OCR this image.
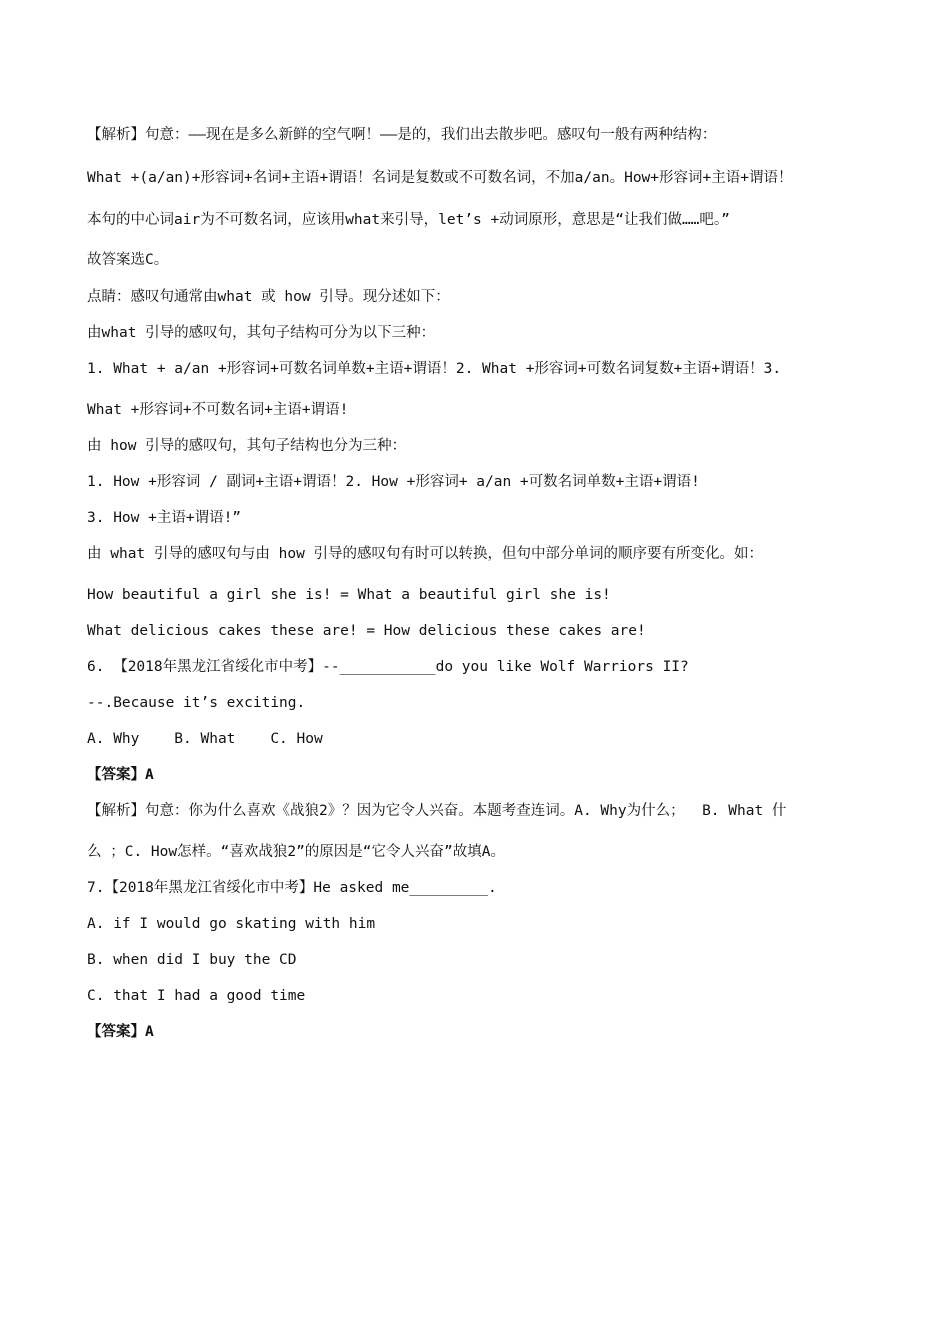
【解析】句意：——现在是多么新鲜的空气啊！——是的，我们出去散步吧。感叹句一般有两种结构：
What +(a/an)+形容词+名词+主语+谓语！名词是复数或不可数名词，不加a/an。How+形容词+主语+谓语！
本句的中心词air为不可数名词，应该用what来引导，let’s +动词原形，意思是“让我们做……吧。”
故答案选C。
点睛：感叹句通常由what 或 how 引导。现分述如下：
由what 引导的感叹句，其句子结构可分为以下三种：
1. What + a/an +形容词+可数名词单数+主语+谓语！2. What +形容词+可数名词复数+主语+谓语！3.
What +形容词+不可数名词+主语+谓语!
由 how 引导的感叹句，其句子结构也分为三种：
1. How +形容词 / 副词+主语+谓语！2. How +形容词+ a/an +可数名词单数+主语+谓语!
3. How +主语+谓语!”
由 what 引导的感叹句与由 how 引导的感叹句有时可以转换，但句中部分单词的顺序要有所变化。如：
How beautiful a girl she is! = What a beautiful girl she is!
What delicious cakes these are! = How delicious these cakes are!
6. 【2018年黑龙江省绥化市中考】--___________do you like Wolf Warriors II?
--.Because it’s exciting.
A. Why    B. What    C. How
【答案】A
【解析】句意：你为什么喜欢《战狼2》？因为它令人兴奋。本题考查连词。A. Why为什么；  B. What 什
么 ；C. How怎样。“喜欢战狼2”的原因是“它令人兴奋”故填A。
7.【2018年黑龙江省绥化市中考】He asked me_________.
A. if I would go skating with him
B. when did I buy the CD
C. that I had a good time
【答案】A
